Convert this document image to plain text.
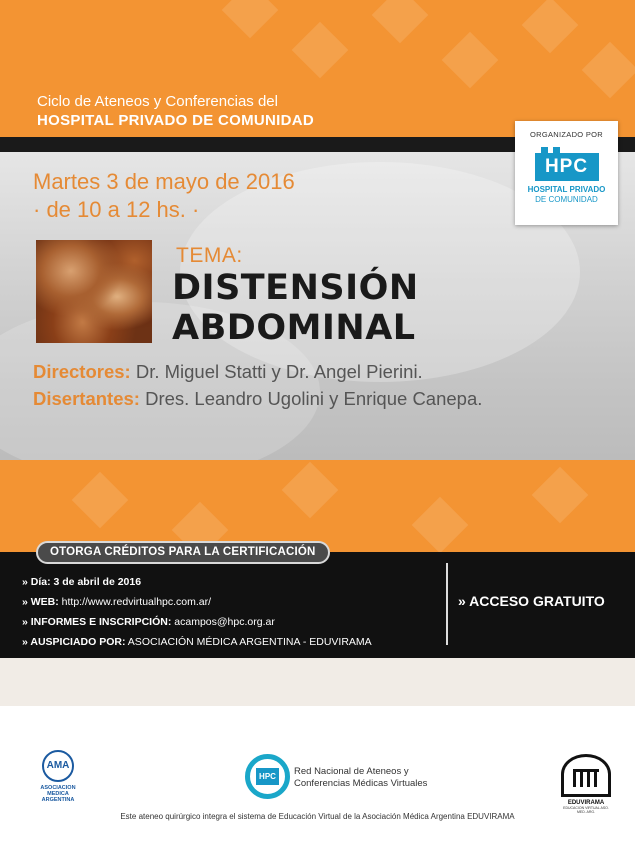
Ciclo de Ateneos y Conferencias del
HOSPITAL PRIVADO DE COMUNIDAD
ORGANIZADO POR
HPC
HOSPITAL PRIVADO
DE COMUNIDAD
Martes 3 de mayo de 2016
· de 10 a 12 hs. ·
TEMA:
DISTENSIÓN
ABDOMINAL
Directores: Dr. Miguel Statti y Dr. Angel Pierini.
Disertantes: Dres. Leandro Ugolini y Enrique Canepa.
OTORGA CRÉDITOS PARA LA CERTIFICACIÓN
» Día: 3 de abril de 2016
» WEB: http://www.redvirtualhpc.com.ar/
» INFORMES E INSCRIPCIÓN: acampos@hpc.org.ar
» AUSPICIADO POR: ASOCIACIÓN MÉDICA ARGENTINA - EDUVIRAMA
» ACCESO GRATUITO
AMA
ASOCIACION
MEDICA
ARGENTINA
HPC	Red Nacional de Ateneos y
Conferencias Médicas Virtuales
EDUVIRAMA
EDUCACION VIRTUAL ASO. MED. ARG.
Este ateneo quirúrgico integra el sistema de Educación Virtual de la Asociación Médica Argentina EDUVIRAMA
